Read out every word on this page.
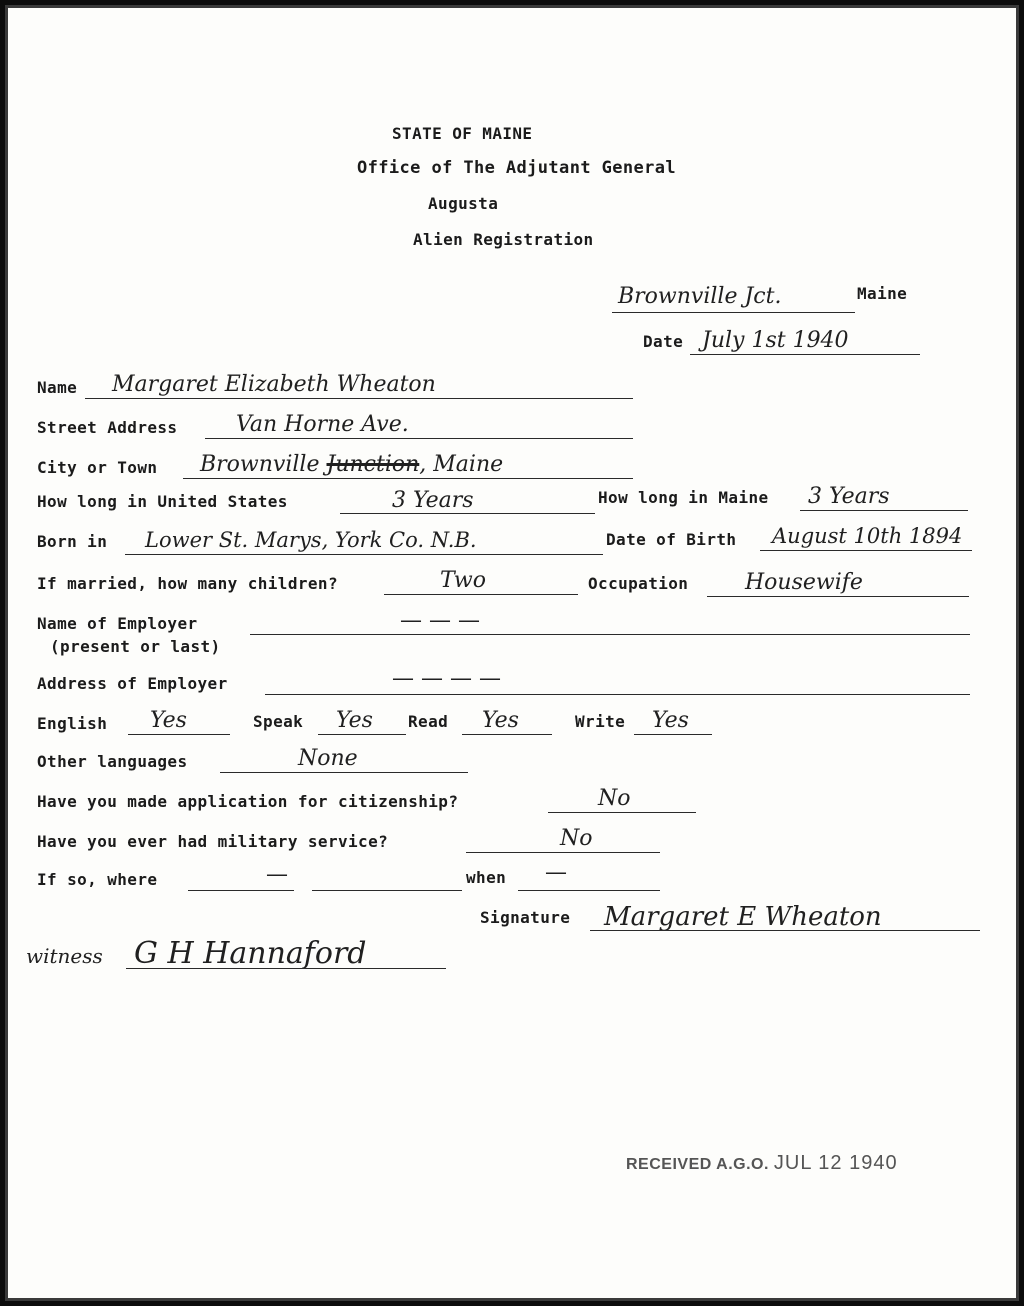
STATE OF MAINE
Office of The Adjutant General
Augusta
Alien Registration
Brownville Jct.	Maine
Date July 1st 1940
Name Margaret Elizabeth Wheaton
Street Address	Van Horne Ave.
City or Town Brownville Junction, Maine
How long in United States	3 Years	How long in Maine 3 Years
Born in Lower St. Marys, York Co. N.B.	Date of Birth August 10th 1894
If married, how many children?	Two	Occupation	Housewife
Name of Employer
(present or last)
— — —
Address of Employer	— — — —
English Yes	Speak Yes Read Yes	Write Yes
Other languages	None
Have you made application for citizenship?	No
Have you ever had military service?	No
If so, where	—	when —
Signature Margaret E Wheaton
witness G H Hannaford
RECEIVED A.G.O. JUL 12 1940
